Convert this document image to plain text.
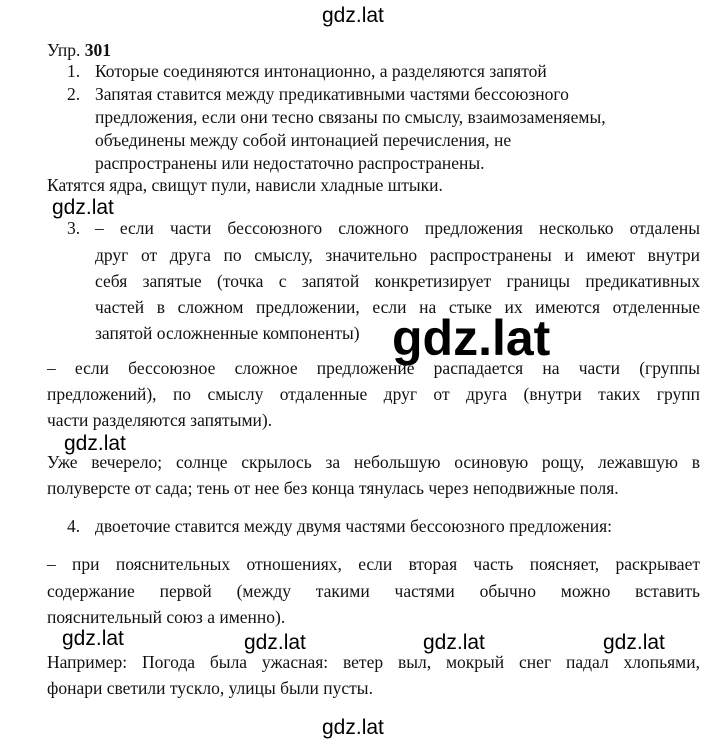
gdz.lat
gdz.lat
gdz.lat
gdz.lat	gdz.lat	gdz.lat	gdz.lat
gdz.lat
Упр. 301
1. Которые соединяются интонационно, а разделяются запятой
2. Запятая ставится между предикативными частями бессоюзного
предложения, если они тесно связаны по смыслу, взаимозаменяемы,
объединены между собой интонацией перечисления, не
распространены или недостаточно распространены.
Катятся ядра, свищут пули, нависли хладные штыки.
3. – если части бессоюзного сложного предложения несколько отдалены
друг от друга по смыслу, значительно распространены и имеют внутри
себя запятые (точка с запятой конкретизирует границы предикативных
частей в сложном предложении, если на стыке их имеются отделенные
запятой осложненные компоненты)
– если бессоюзное сложное предложение распадается на части (группы
предложений), по смыслу отдаленные друг от друга (внутри таких групп
части разделяются запятыми).
gdz.lat
Уже вечерело; солнце скрылось за небольшую осиновую рощу, лежавшую в
полуверсте от сада; тень от нее без конца тянулась через неподвижные поля.
4. двоеточие ставится между двумя частями бессоюзного предложения:
– при пояснительных отношениях, если вторая часть поясняет, раскрывает
содержание первой (между такими частями обычно можно вставить
пояснительный союз а именно).
Например: Погода была ужасная: ветер выл, мокрый снег падал хлопьями,
фонари светили тускло, улицы были пусты.
